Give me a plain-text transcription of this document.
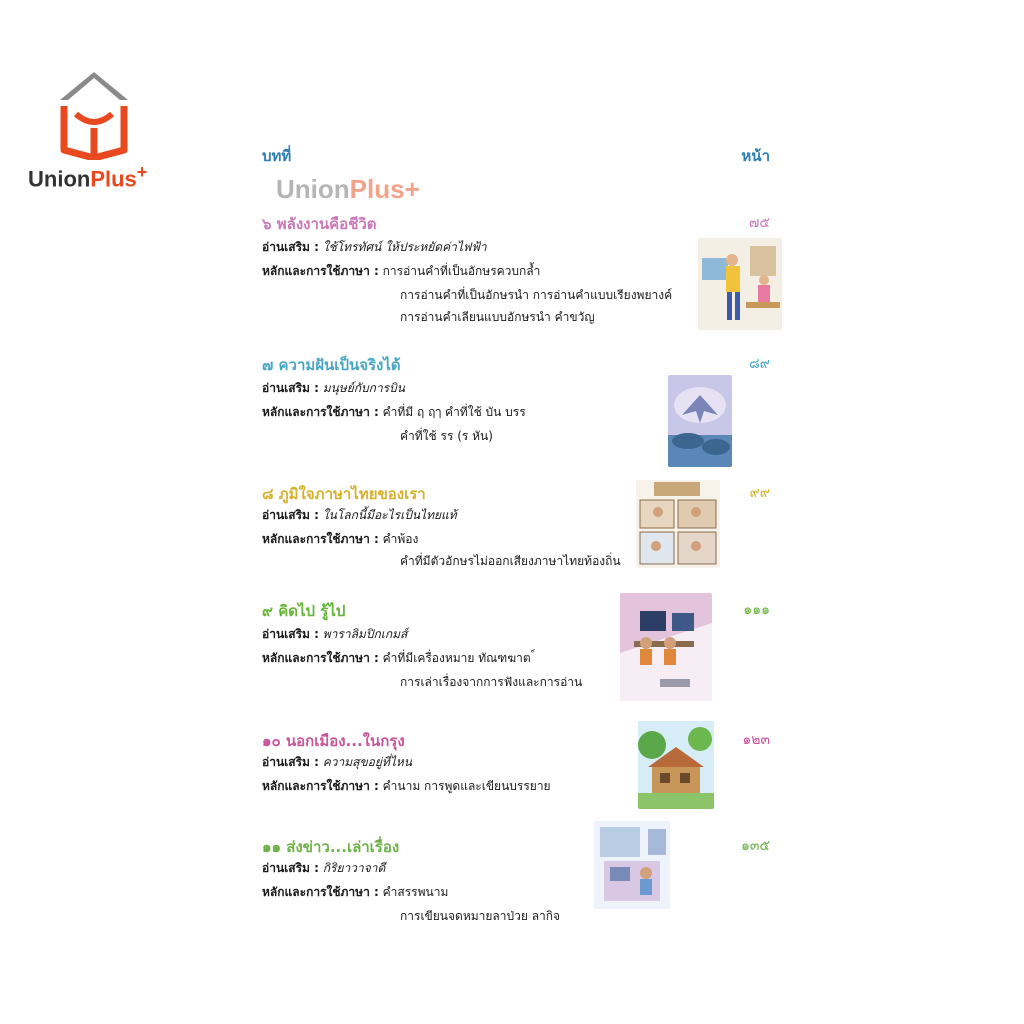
UnionPlus+
บทที่	หน้า
UnionPlus+
๖ พลังงานคือชีวิต	๗๕
อ่านเสริม : ใช้โทรทัศน์ ให้ประหยัดค่าไฟฟ้า
หลักและการใช้ภาษา : การอ่านคำที่เป็นอักษรควบกล้ำ
การอ่านคำที่เป็นอักษรนำ การอ่านคำแบบเรียงพยางค์
การอ่านคำเลียนแบบอักษรนำ คำขวัญ
๗ ความฝันเป็นจริงได้	๘๙
อ่านเสริม : มนุษย์กับการบิน
หลักและการใช้ภาษา : คำที่มี ฤ ฤๅ คำที่ใช้ บัน บรร
คำที่ใช้ รร (ร หัน)
๘ ภูมิใจภาษาไทยของเรา	๙๙
อ่านเสริม : ในโลกนี้มีอะไรเป็นไทยแท้
หลักและการใช้ภาษา : คำพ้อง
คำที่มีตัวอักษรไม่ออกเสียงภาษาไทยท้องถิ่น
๙ คิดไป รู้ไป	๑๑๑
อ่านเสริม : พาราลิมปิกเกมส์
หลักและการใช้ภาษา : คำที่มีเครื่องหมาย ทัณฑฆาต ์
การเล่าเรื่องจากการฟังและการอ่าน
๑๐ นอกเมือง...ในกรุง	๑๒๓
อ่านเสริม : ความสุขอยู่ที่ไหน
หลักและการใช้ภาษา : คำนาม การพูดและเขียนบรรยาย
๑๑ ส่งข่าว...เล่าเรื่อง	๑๓๕
อ่านเสริม : กิริยาวาจาดี
หลักและการใช้ภาษา : คำสรรพนาม
การเขียนจดหมายลาป่วย ลากิจ
